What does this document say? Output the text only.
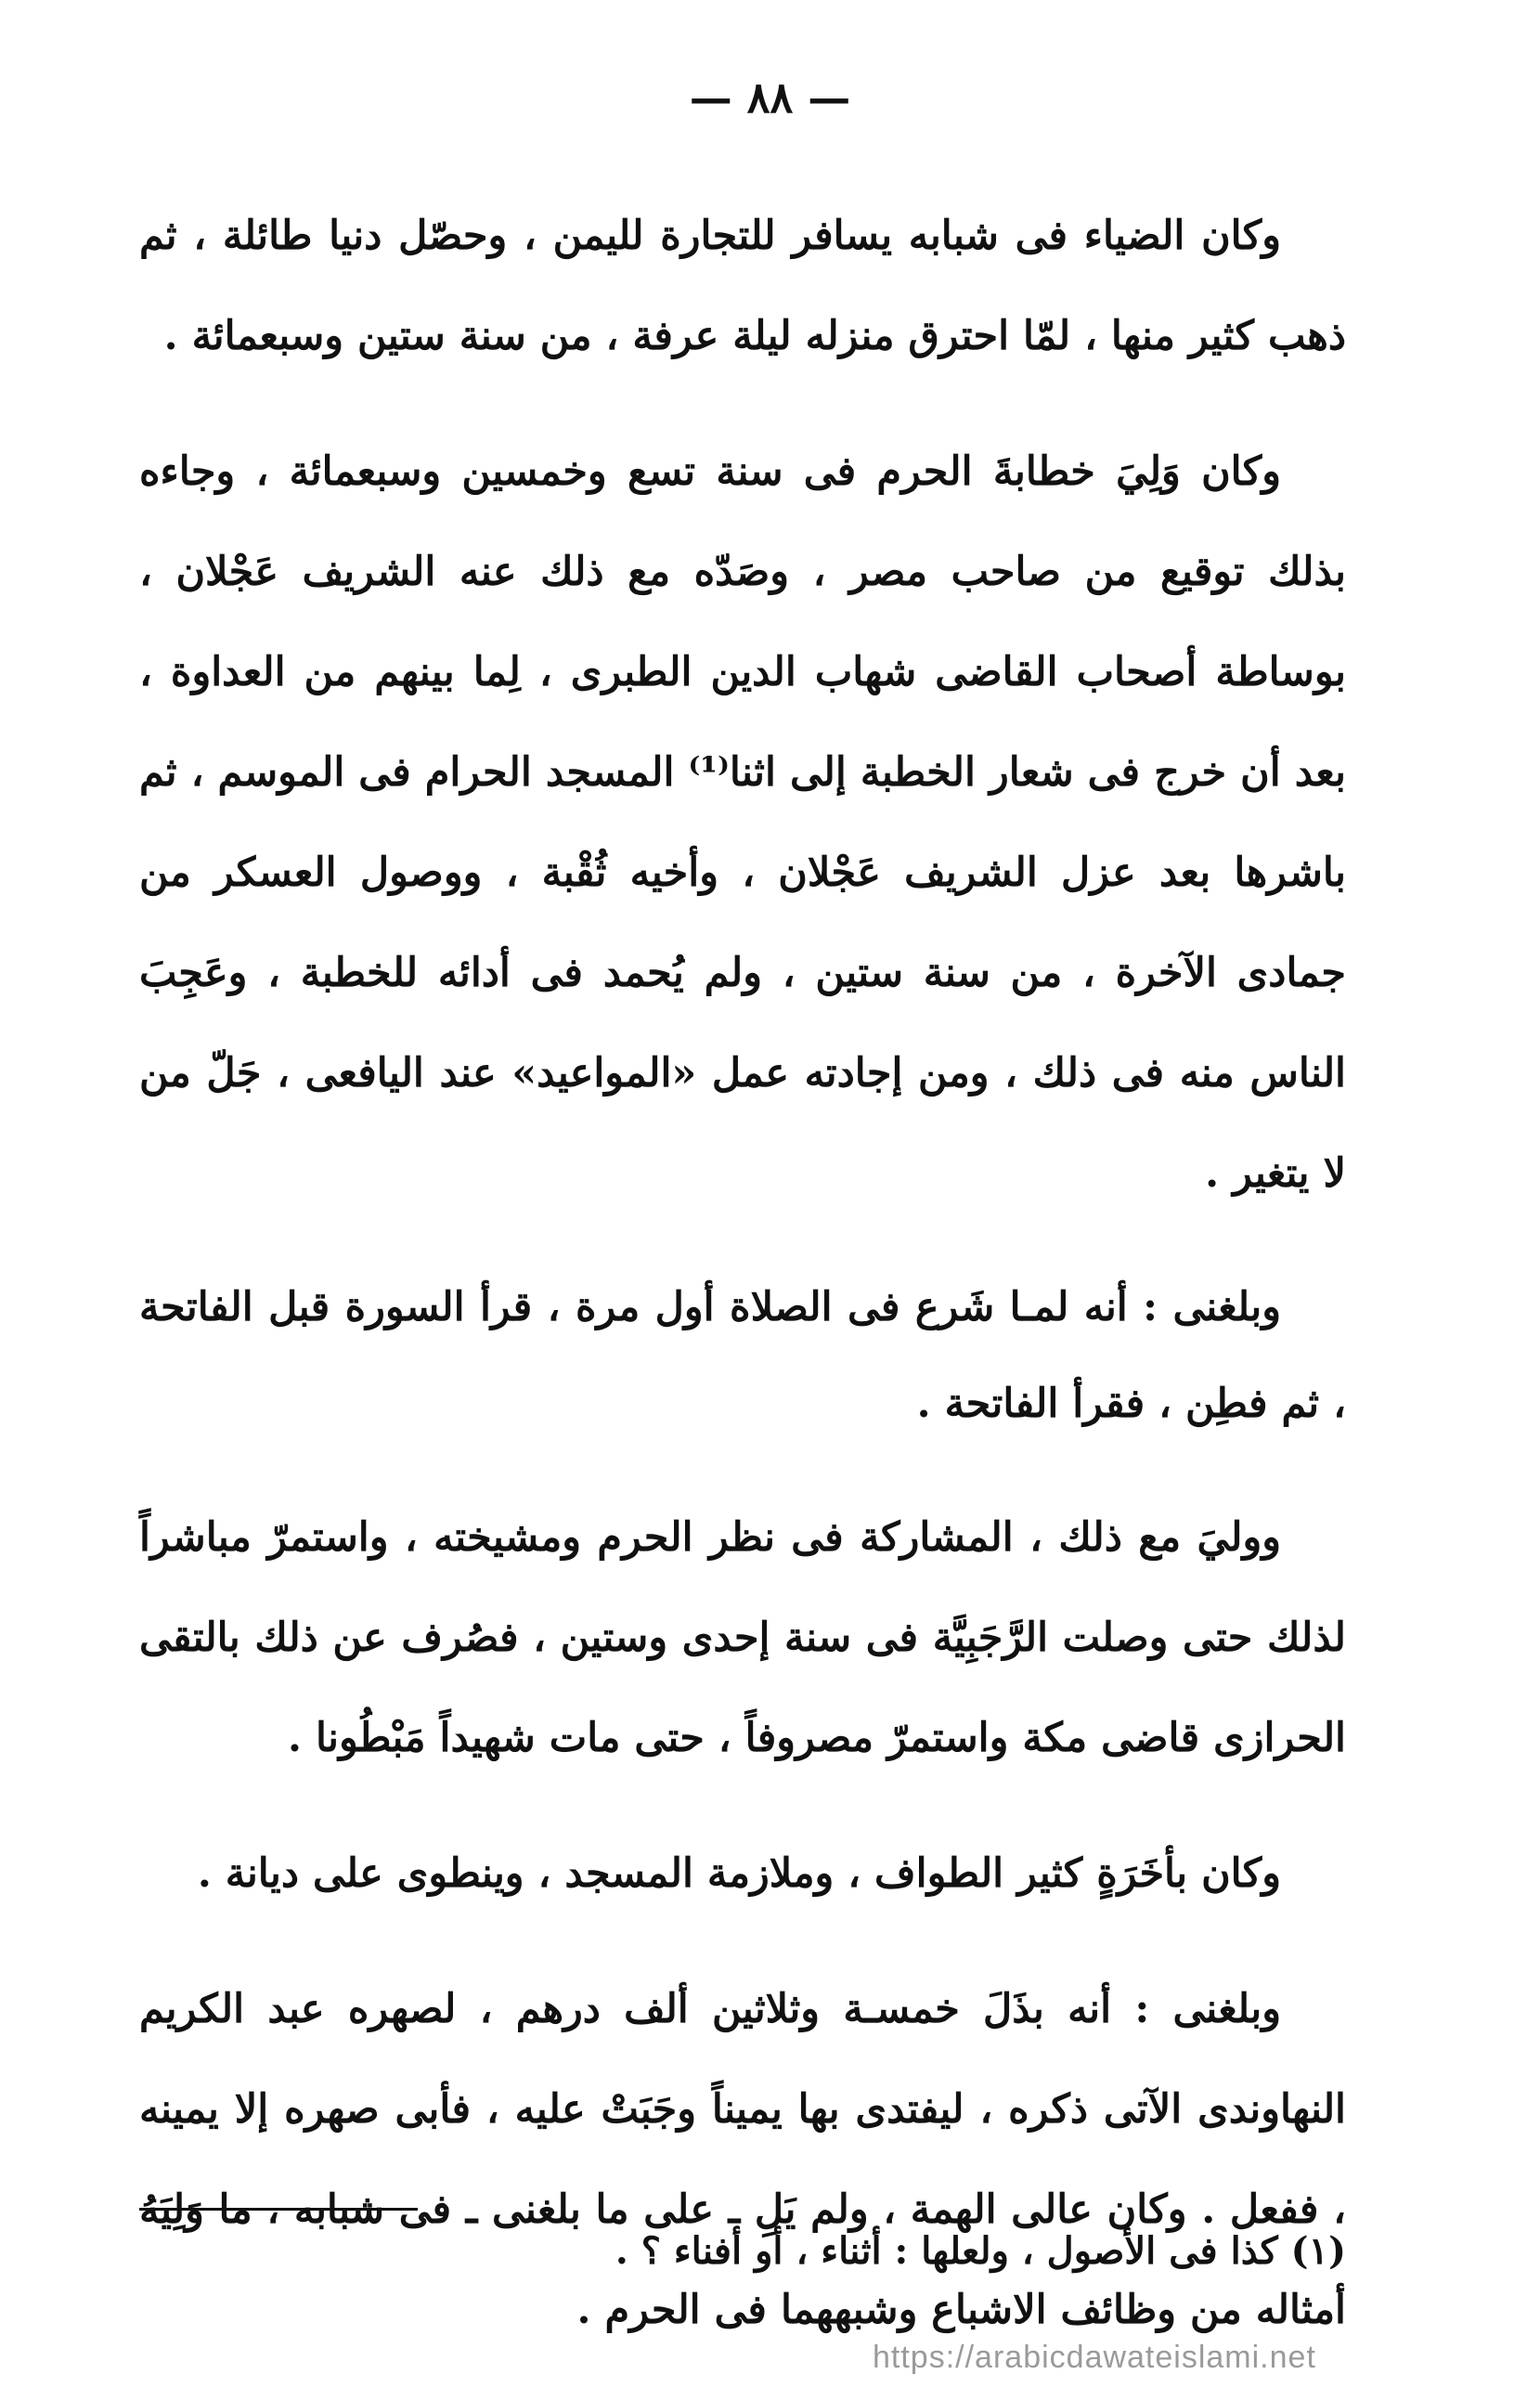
— ٨٨ —

وكان الضياء فى شبابه يسافر للتجارة لليمن ، وحصّل دنيا طائلة ، ثم ذهب كثير منها ، لمّا احترق منزله ليلة عرفة ، من سنة ستين وسبعمائة .

وكان وَلِيَ خطابةَ الحرم فى سنة تسع وخمسين وسبعمائة ، وجاءه بذلك توقيع من صاحب مصر ، وصَدّه مع ذلك عنه الشريف عَجْلان ، بوساطة أصحاب القاضى شهاب الدين الطبرى ، لِما بينهم من العداوة ، بعد أن خرج فى شعار الخطبة إلى اثنا⁽¹⁾ المسجد الحرام فى الموسم ، ثم باشرها بعد عزل الشريف عَجْلان ، وأخيه ثُقْبة ، ووصول العسكر من جمادى الآخرة ، من سنة ستين ، ولم يُحمد فى أدائه للخطبة ، وعَجِبَ الناس منه فى ذلك ، ومن إجادته عمل «المواعيد» عند اليافعى ، جَلّ من لا يتغير .

وبلغنى : أنه لمـا شَرع فى الصلاة أول مرة ، قرأ السورة قبل الفاتحة ، ثم فطِن ، فقرأ الفاتحة .

ووليَ مع ذلك ، المشاركة فى نظر الحرم ومشيخته ، واستمرّ مباشراً لذلك حتى وصلت الرَّجَبِيَّة فى سنة إحدى وستين ، فصُرف عن ذلك بالتقى الحرازى قاضى مكة واستمرّ مصروفاً ، حتى مات شهيداً مَبْطُونا .

وكان بأخَرَةٍ كثير الطواف ، وملازمة المسجد ، وينطوى على ديانة .

وبلغنى : أنه بذَلَ خمسـة وثلاثين ألف درهم ، لصهره عبد الكريم النهاوندى الآتى ذكره ، ليفتدى بها يميناً وجَبَتْ عليه ، فأبى صهره إلا يمينه ، ففعل . وكان عالى الهمة ، ولم يَلِ ـ على ما بلغنى ـ فى شبابه ، ما وَلِيَهُ أمثاله من وظائف الاشباع وشبههما فى الحرم .

(١) كذا فى الأصول ، ولعلها : أثناء ، أو أفناء ؟ .
https://arabicdawateislami.net
